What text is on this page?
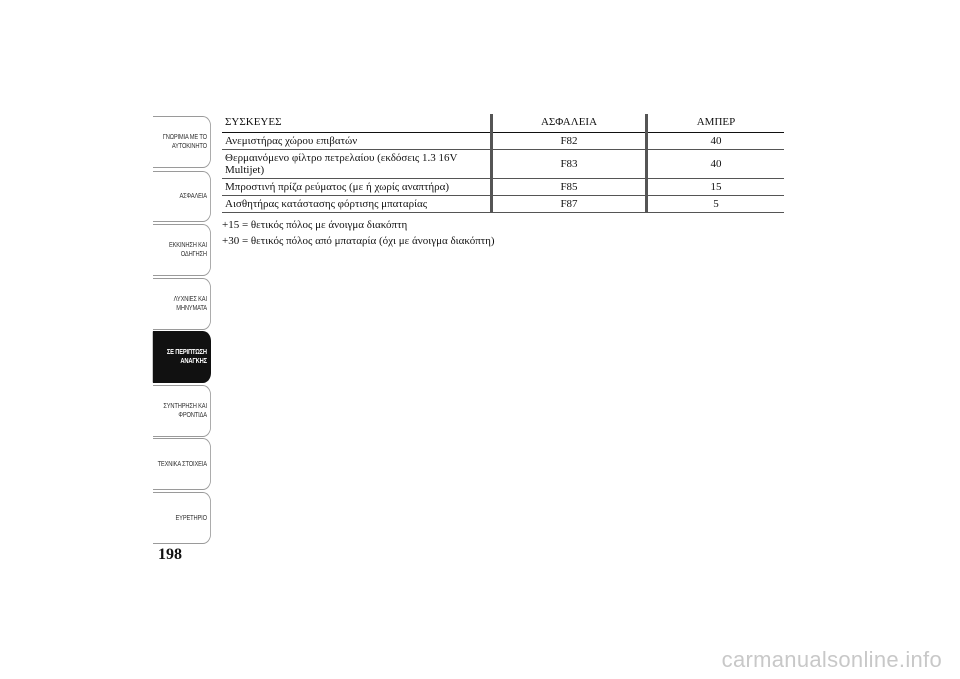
ΓΝΩΡΙΜΙΑ ΜΕ ΤΟ
ΑΥΤΟΚΙΝΗΤΟ
ΑΣΦΑΛΕΙΑ
ΕΚΚΙΝΗΣΗ ΚΑΙ
ΟΔΗΓΗΣΗ
ΛΥΧΝΙΕΣ ΚΑΙ
ΜΗΝΥΜΑΤΑ
ΣΕ ΠΕΡΙΠΤΩΣΗ
ΑΝΑΓΚΗΣ
ΣΥΝΤΗΡΗΣΗ ΚΑΙ
ΦΡΟΝΤΙΔΑ
ΤΕΧΝΙΚΑ ΣΤΟΙΧΕΙΑ
ΕΥΡΕΤΗΡΙΟ
198
ΣΥΣΚΕΥΕΣ	ΑΣΦΑΛΕΙΑ	ΑΜΠΕΡ
Ανεμιστήρας χώρου επιβατών	F82	40
Θερμαινόμενο φίλτρο πετρελαίου (εκδόσεις 1.3 16V Multijet)	F83	40
Μπροστινή πρίζα ρεύματος (με ή χωρίς αναπτήρα)	F85	15
Αισθητήρας κατάστασης φόρτισης μπαταρίας	F87	5
+15 = θετικός πόλος με άνοιγμα διακόπτη
+30 = θετικός πόλος από μπαταρία (όχι με άνοιγμα διακόπτη)
carmanualsonline.info
